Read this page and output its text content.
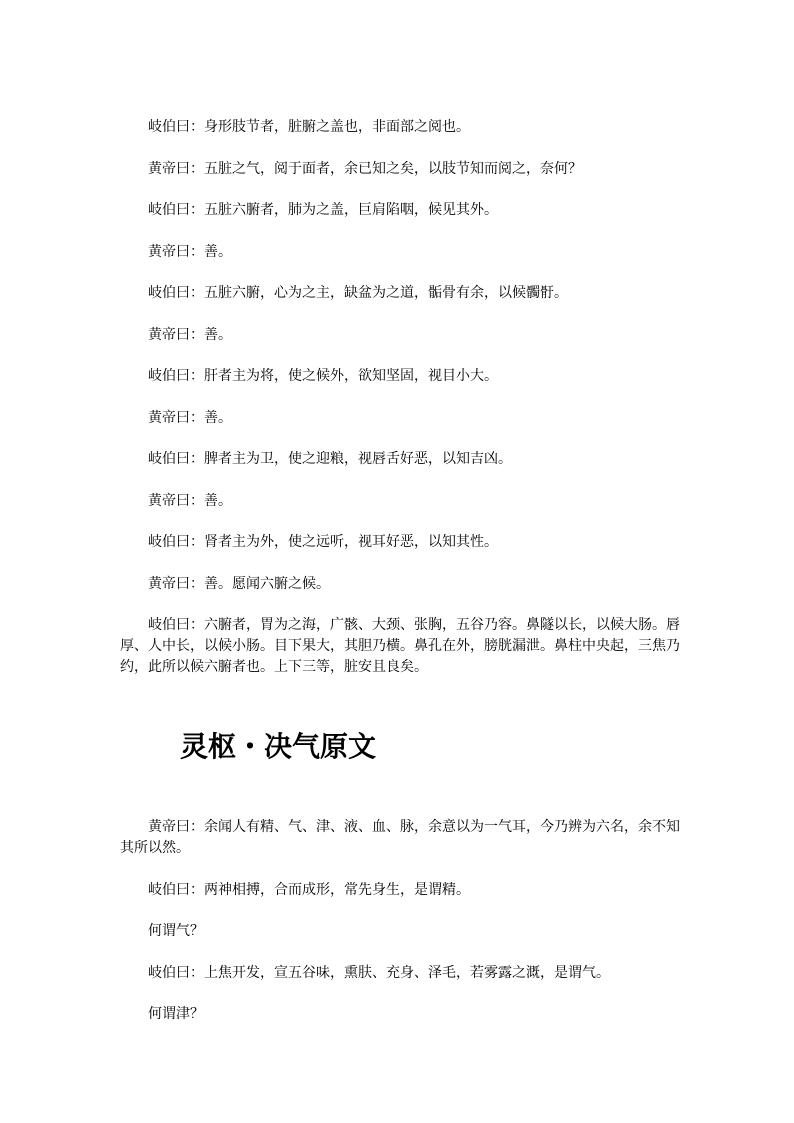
岐伯曰：身形肢节者，脏腑之盖也，非面部之阅也。

黄帝曰：五脏之气，阅于面者，余已知之矣，以肢节知而阅之，奈何？

岐伯曰：五脏六腑者，肺为之盖，巨肩陷咽，候见其外。

黄帝曰：善。

岐伯曰：五脏六腑，心为之主，缺盆为之道，骺骨有余，以候髑骬。

黄帝曰：善。

岐伯曰：肝者主为将，使之候外，欲知坚固，视目小大。

黄帝曰：善。

岐伯曰：脾者主为卫，使之迎粮，视唇舌好恶，以知吉凶。

黄帝曰：善。

岐伯曰：肾者主为外，使之远听，视耳好恶，以知其性。

黄帝曰：善。愿闻六腑之候。

岐伯曰：六腑者，胃为之海，广骸、大颈、张胸，五谷乃容。鼻隧以长，以候大肠。唇厚、人中长，以候小肠。目下果大，其胆乃横。鼻孔在外，膀胱漏泄。鼻柱中央起，三焦乃约，此所以候六腑者也。上下三等，脏安且良矣。

灵枢・决气原文

黄帝曰：余闻人有精、气、津、液、血、脉，余意以为一气耳，今乃辨为六名，余不知其所以然。

岐伯曰：两神相搏，合而成形，常先身生，是谓精。

何谓气？

岐伯曰：上焦开发，宣五谷味，熏肤、充身、泽毛，若雾露之溉，是谓气。

何谓津？
